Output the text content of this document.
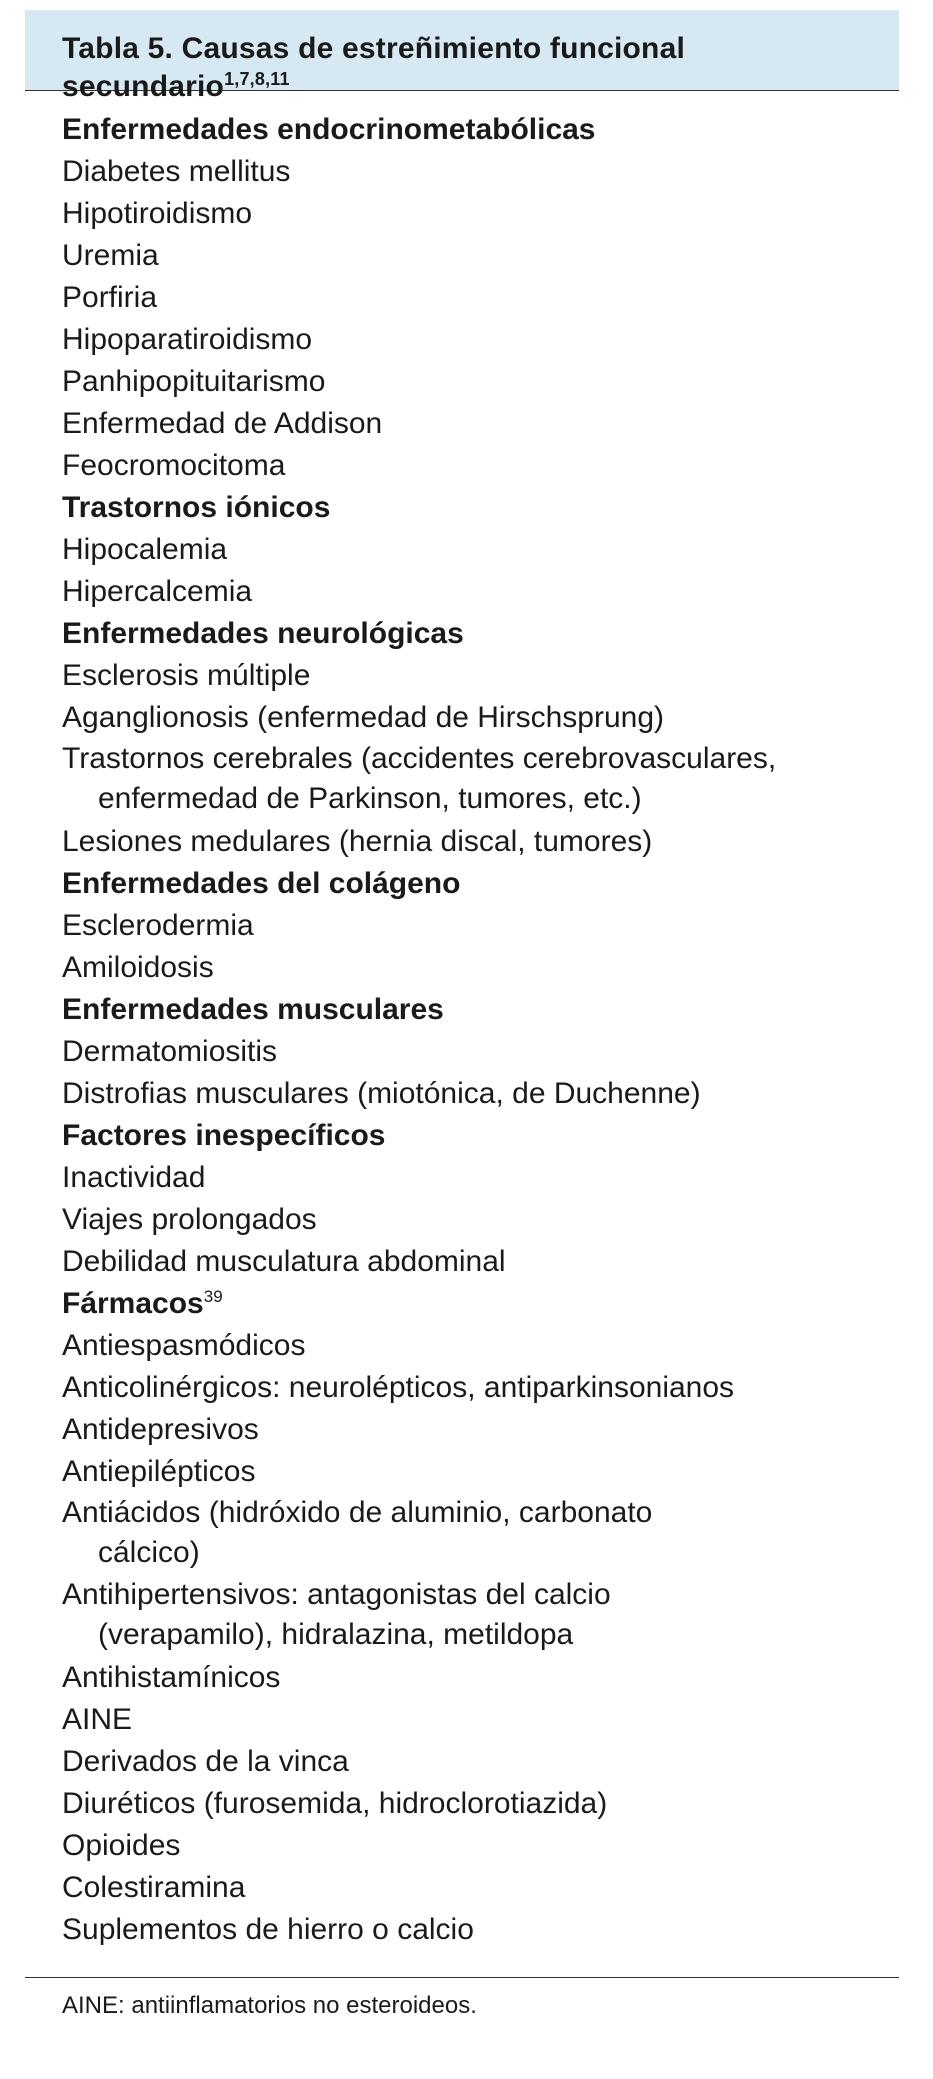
Tabla 5. Causas de estreñimiento funcional secundario$^{1,7,8,11}$
Enfermedades endocrinometabólicas
Diabetes mellitus
Hipotiroidismo
Uremia
Porfiria
Hipoparatiroidismo
Panhipopituitarismo
Enfermedad de Addison
Feocromocitoma
Trastornos iónicos
Hipocalemia
Hipercalcemia
Enfermedades neurológicas
Esclerosis múltiple
Aganglionosis (enfermedad de Hirschsprung)
Trastornos cerebrales (accidentes cerebrovasculares,
enfermedad de Parkinson, tumores, etc.)
Lesiones medulares (hernia discal, tumores)
Enfermedades del colágeno
Esclerodermia
Amiloidosis
Enfermedades musculares
Dermatomiositis
Distrofias musculares (miotónica, de Duchenne)
Factores inespecíficos
Inactividad
Viajes prolongados
Debilidad musculatura abdominal
Fármacos$^{39}$
Antiespasmódicos
Anticolinérgicos: neurolépticos, antiparkinsonianos
Antidepresivos
Antiepilépticos
Antiácidos (hidróxido de aluminio, carbonato
cálcico)
Antihipertensivos: antagonistas del calcio
(verapamilo), hidralazina, metildopa
Antihistamínicos
AINE
Derivados de la vinca
Diuréticos (furosemida, hidroclorotiazida)
Opioides
Colestiramina
Suplementos de hierro o calcio
AINE: antiinflamatorios no esteroideos.
